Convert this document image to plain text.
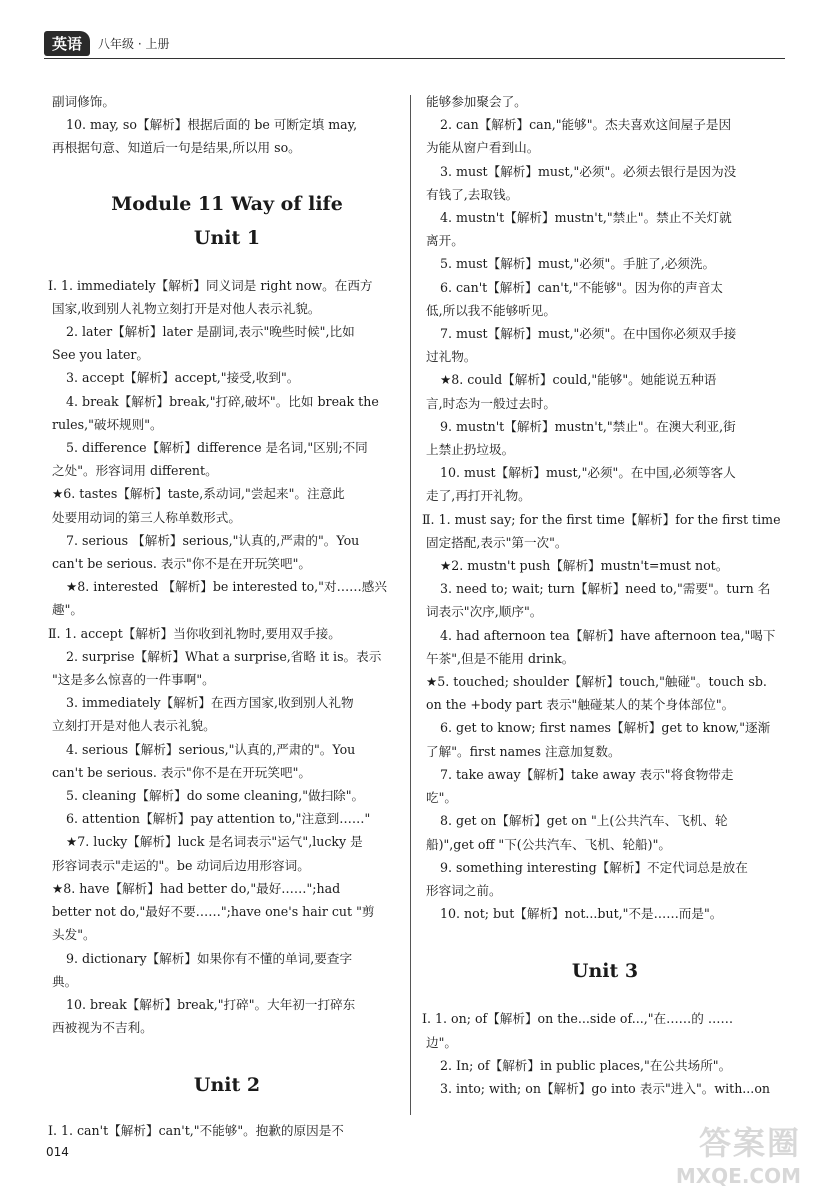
英语	八年级 · 上册

副词修饰。

10. may, so【解析】根据后面的 be 可断定填 may,
再根据句意、知道后一句是结果,所以用 so。

Module 11 Way of life
Unit 1

Ⅰ. 1. immediately【解析】同义词是 right now。在西方
国家,收到别人礼物立刻打开是对他人表示礼貌。

2. later【解析】later 是副词,表示"晚些时候",比如
See you later。

3. accept【解析】accept,"接受,收到"。

4. break【解析】break,"打碎,破坏"。比如 break the
rules,"破坏规则"。

5. difference【解析】difference 是名词,"区别;不同
之处"。形容词用 different。

★6. tastes【解析】taste,系动词,"尝起来"。注意此
处要用动词的第三人称单数形式。

7. serious 【解析】serious,"认真的,严肃的"。You
can't be serious. 表示"你不是在开玩笑吧"。

★8. interested 【解析】be interested to,"对……感兴
趣"。

Ⅱ. 1. accept【解析】当你收到礼物时,要用双手接。

2. surprise【解析】What a surprise,省略 it is。表示
"这是多么惊喜的一件事啊"。

3. immediately【解析】在西方国家,收到别人礼物
立刻打开是对他人表示礼貌。

4. serious【解析】serious,"认真的,严肃的"。You
can't be serious. 表示"你不是在开玩笑吧"。

5. cleaning【解析】do some cleaning,"做扫除"。

6. attention【解析】pay attention to,"注意到……"

★7. lucky【解析】luck 是名词表示"运气",lucky 是
形容词表示"走运的"。be 动词后边用形容词。

★8. have【解析】had better do,"最好……";had
better not do,"最好不要……";have one's hair cut "剪
头发"。

9. dictionary【解析】如果你有不懂的单词,要查字
典。

10. break【解析】break,"打碎"。大年初一打碎东
西被视为不吉利。

Unit 2

Ⅰ. 1. can't【解析】can't,"不能够"。抱歉的原因是不

能够参加聚会了。

2. can【解析】can,"能够"。杰夫喜欢这间屋子是因
为能从窗户看到山。

3. must【解析】must,"必须"。必须去银行是因为没
有钱了,去取钱。

4. mustn't【解析】mustn't,"禁止"。禁止不关灯就
离开。

5. must【解析】must,"必须"。手脏了,必须洗。

6. can't【解析】can't,"不能够"。因为你的声音太
低,所以我不能够听见。

7. must【解析】must,"必须"。在中国你必须双手接
过礼物。

★8. could【解析】could,"能够"。她能说五种语
言,时态为一般过去时。

9. mustn't【解析】mustn't,"禁止"。在澳大利亚,街
上禁止扔垃圾。

10. must【解析】must,"必须"。在中国,必须等客人
走了,再打开礼物。

Ⅱ. 1. must say; for the first time【解析】for the first time
固定搭配,表示"第一次"。

★2. mustn't push【解析】mustn't=must not。

3. need to; wait; turn【解析】need to,"需要"。turn 名
词表示"次序,顺序"。

4. had afternoon tea【解析】have afternoon tea,"喝下
午茶",但是不能用 drink。

★5. touched; shoulder【解析】touch,"触碰"。touch sb.
on the +body part 表示"触碰某人的某个身体部位"。

6. get to know; first names【解析】get to know,"逐渐
了解"。first names 注意加复数。

7. take away【解析】take away 表示"将食物带走
吃"。

8. get on【解析】get on "上(公共汽车、飞机、轮
船)",get off "下(公共汽车、飞机、轮船)"。

9. something interesting【解析】不定代词总是放在
形容词之前。

10. not; but【解析】not...but,"不是……而是"。

Unit 3

Ⅰ. 1. on; of【解析】on the...side of...,"在……的 ……
边"。

2. In; of【解析】in public places,"在公共场所"。

3. into; with; on【解析】go into 表示"进入"。with...on

014	答案圈
MXQE.COM
